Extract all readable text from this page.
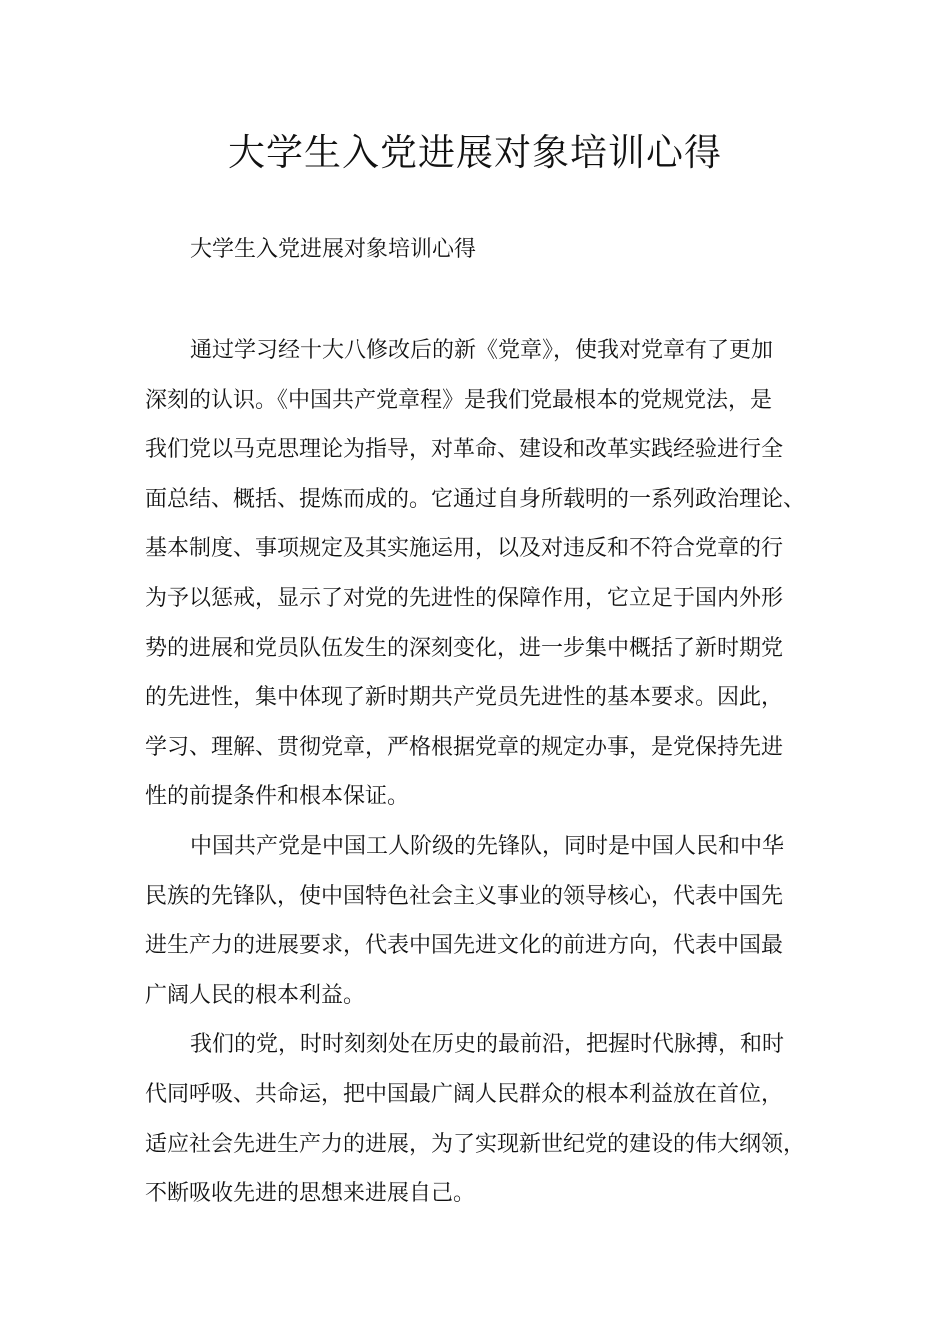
大学生入党进展对象培训心得

大学生入党进展对象培训心得

通过学习经十大八修改后的新《党章》，使我对党章有了更加
深刻的认识。《中国共产党章程》是我们党最根本的党规党法，是
我们党以马克思理论为指导，对革命、建设和改革实践经验进行全
面总结、概括、提炼而成的。它通过自身所载明的一系列政治理论、
基本制度、事项规定及其实施运用，以及对违反和不符合党章的行
为予以惩戒，显示了对党的先进性的保障作用，它立足于国内外形
势的进展和党员队伍发生的深刻变化，进一步集中概括了新时期党
的先进性，集中体现了新时期共产党员先进性的基本要求。因此，
学习、理解、贯彻党章，严格根据党章的规定办事，是党保持先进
性的前提条件和根本保证。
中国共产党是中国工人阶级的先锋队，同时是中国人民和中华
民族的先锋队，使中国特色社会主义事业的领导核心，代表中国先
进生产力的进展要求，代表中国先进文化的前进方向，代表中国最
广阔人民的根本利益。
我们的党，时时刻刻处在历史的最前沿，把握时代脉搏，和时
代同呼吸、共命运，把中国最广阔人民群众的根本利益放在首位，
适应社会先进生产力的进展，为了实现新世纪党的建设的伟大纲领，
不断吸收先进的思想来进展自己。
